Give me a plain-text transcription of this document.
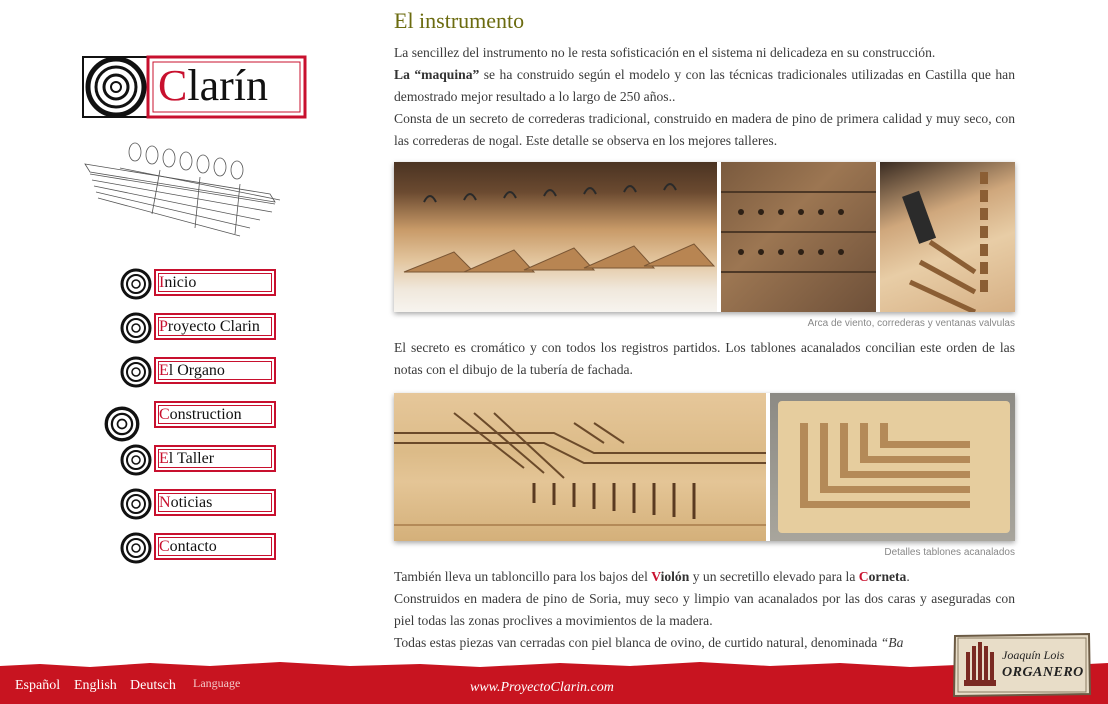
Clarín
Inicio
Proyecto Clarin
El Organo
Construction
El Taller
Noticias
Contacto
El instrumento

La sencillez del instrumento no le resta sofisticación en el sistema ni delicadeza en su construcción.

La “maquina” se ha construido según el modelo y con las técnicas tradicionales utilizadas en Castilla que han demostrado mejor resultado a lo largo de 250 años..

Consta de un secreto de correderas tradicional, construido en madera de pino de primera calidad y muy seco, con las correderas de nogal. Este detalle se observa en los mejores talleres.

Arca de viento, correderas y ventanas valvulas

El secreto es cromático y con todos los registros partidos. Los tablones acanalados concilian este orden de las notas con el dibujo de la tubería de fachada.

Detalles tablones acanalados

También lleva un tabloncillo para los bajos del Violón y un secretillo elevado para la Corneta.

Construidos en madera de pino de Soria, muy seco y limpio van acanalados por las dos caras y aseguradas con piel todas las zonas proclives a movimientos de la madera.

Todas estas piezas van cerradas con piel blanca de ovino, de curtido natural, denominada “Ba

Español English Deutsch Language	www.ProyectoClarin.com
Joaquín Lois
ORGANERO
